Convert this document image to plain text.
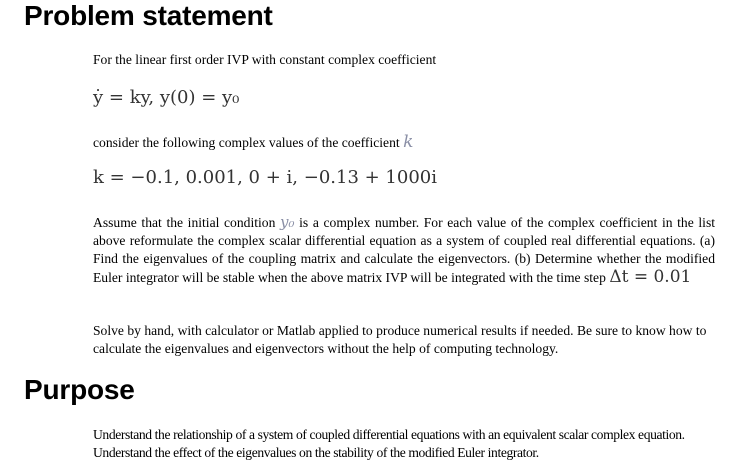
Problem statement

For the linear first order IVP with constant complex coefficient

ẏ = ky, y(0) = y₀

consider the following complex values of the coefficient k

k = −0.1, 0.001, 0 + i, −0.13 + 1000i

Assume that the initial condition y₀ is a complex number. For each value of the complex coefficient in the list above reformulate the complex scalar differential equation as a system of coupled real differential equations. (a) Find the eigenvalues of the coupling matrix and calculate the eigenvectors. (b) Determine whether the modified Euler integrator will be stable when the above matrix IVP will be integrated with the time step Δt = 0.01

Solve by hand, with calculator or Matlab applied to produce numerical results if needed. Be sure to know how to calculate the eigenvalues and eigenvectors without the help of computing technology.

Purpose

Understand the relationship of a system of coupled differential equations with an equivalent scalar complex equation. Understand the effect of the eigenvalues on the stability of the modified Euler integrator.
